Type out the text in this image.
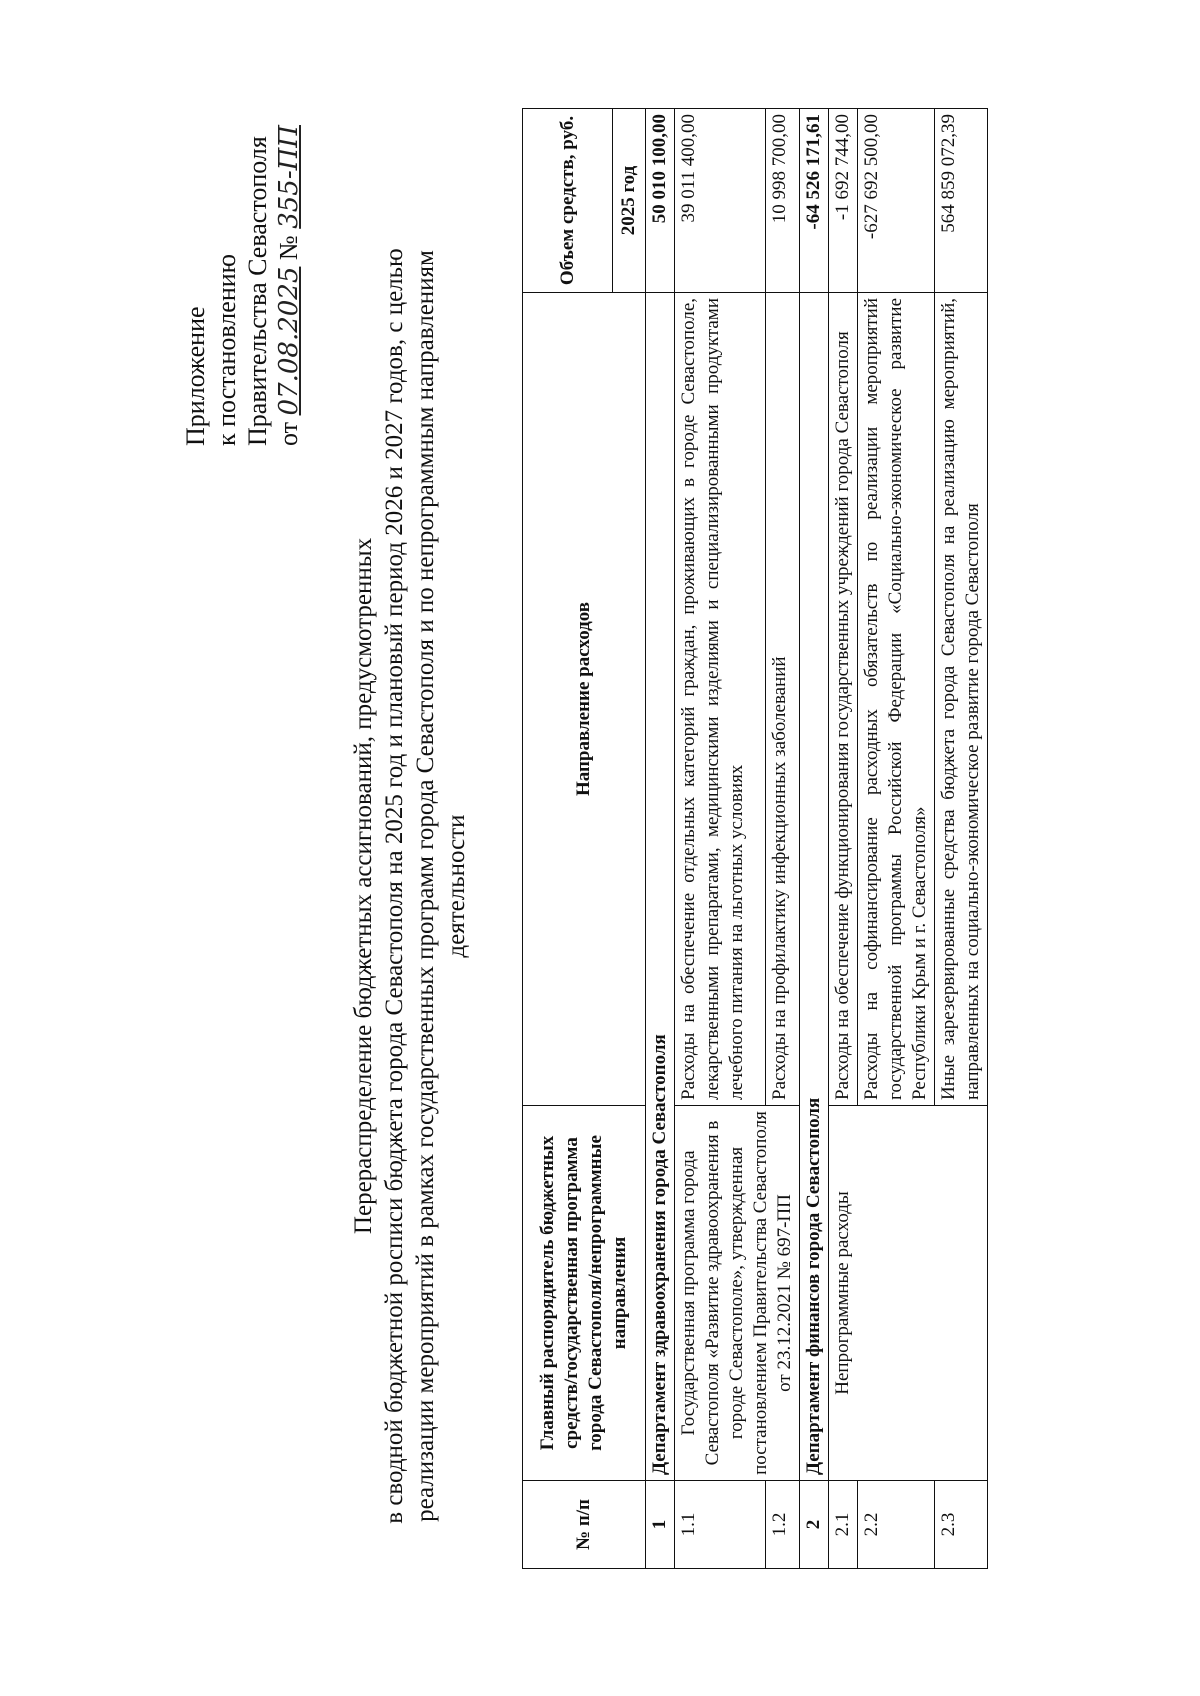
Приложение к постановлению Правительства Севастополя от 07.08.2025 № 355-ПП
Перераспределение бюджетных ассигнований, предусмотренных в сводной бюджетной росписи бюджета города Севастополя на 2025 год и плановый период 2026 и 2027 годов, с целью реализации мероприятий в рамках государственных программ города Севастополя и по непрограммным направлениям деятельности
№ п/п	Главный распорядитель бюджетных средств/государственная программа города Севастополя/непрограммные направления	Направление расходов	Объем средств, руб.
			2025 год
1	Департамент здравоохранения города Севастополя		50 010 100,00
1.1	Государственная программа города Севастополя «Развитие здравоохранения в городе Севастополе», утвержденная постановлением Правительства Севастополя от 23.12.2021 № 697-ПП	Расходы на обеспечение отдельных категорий граждан, проживающих в городе Севастополе, лекарственными препаратами, медицинскими изделиями и специализированными продуктами лечебного питания на льготных условиях	39 011 400,00
1.2		Расходы на профилактику инфекционных заболеваний	10 998 700,00
2	Департамент финансов города Севастополя		-64 526 171,61
2.1	Непрограммные расходы	Расходы на обеспечение функционирования государственных учреждений города Севастополя	-1 692 744,00
2.2		Расходы на софинансирование расходных обязательств по реализации мероприятий государственной программы Российской Федерации «Социально-экономическое развитие Республики Крым и г. Севастополя»	-627 692 500,00
2.3		Иные зарезервированные средства бюджета города Севастополя на реализацию мероприятий, направленных на социально-экономическое развитие города Севастополя	564 859 072,39
